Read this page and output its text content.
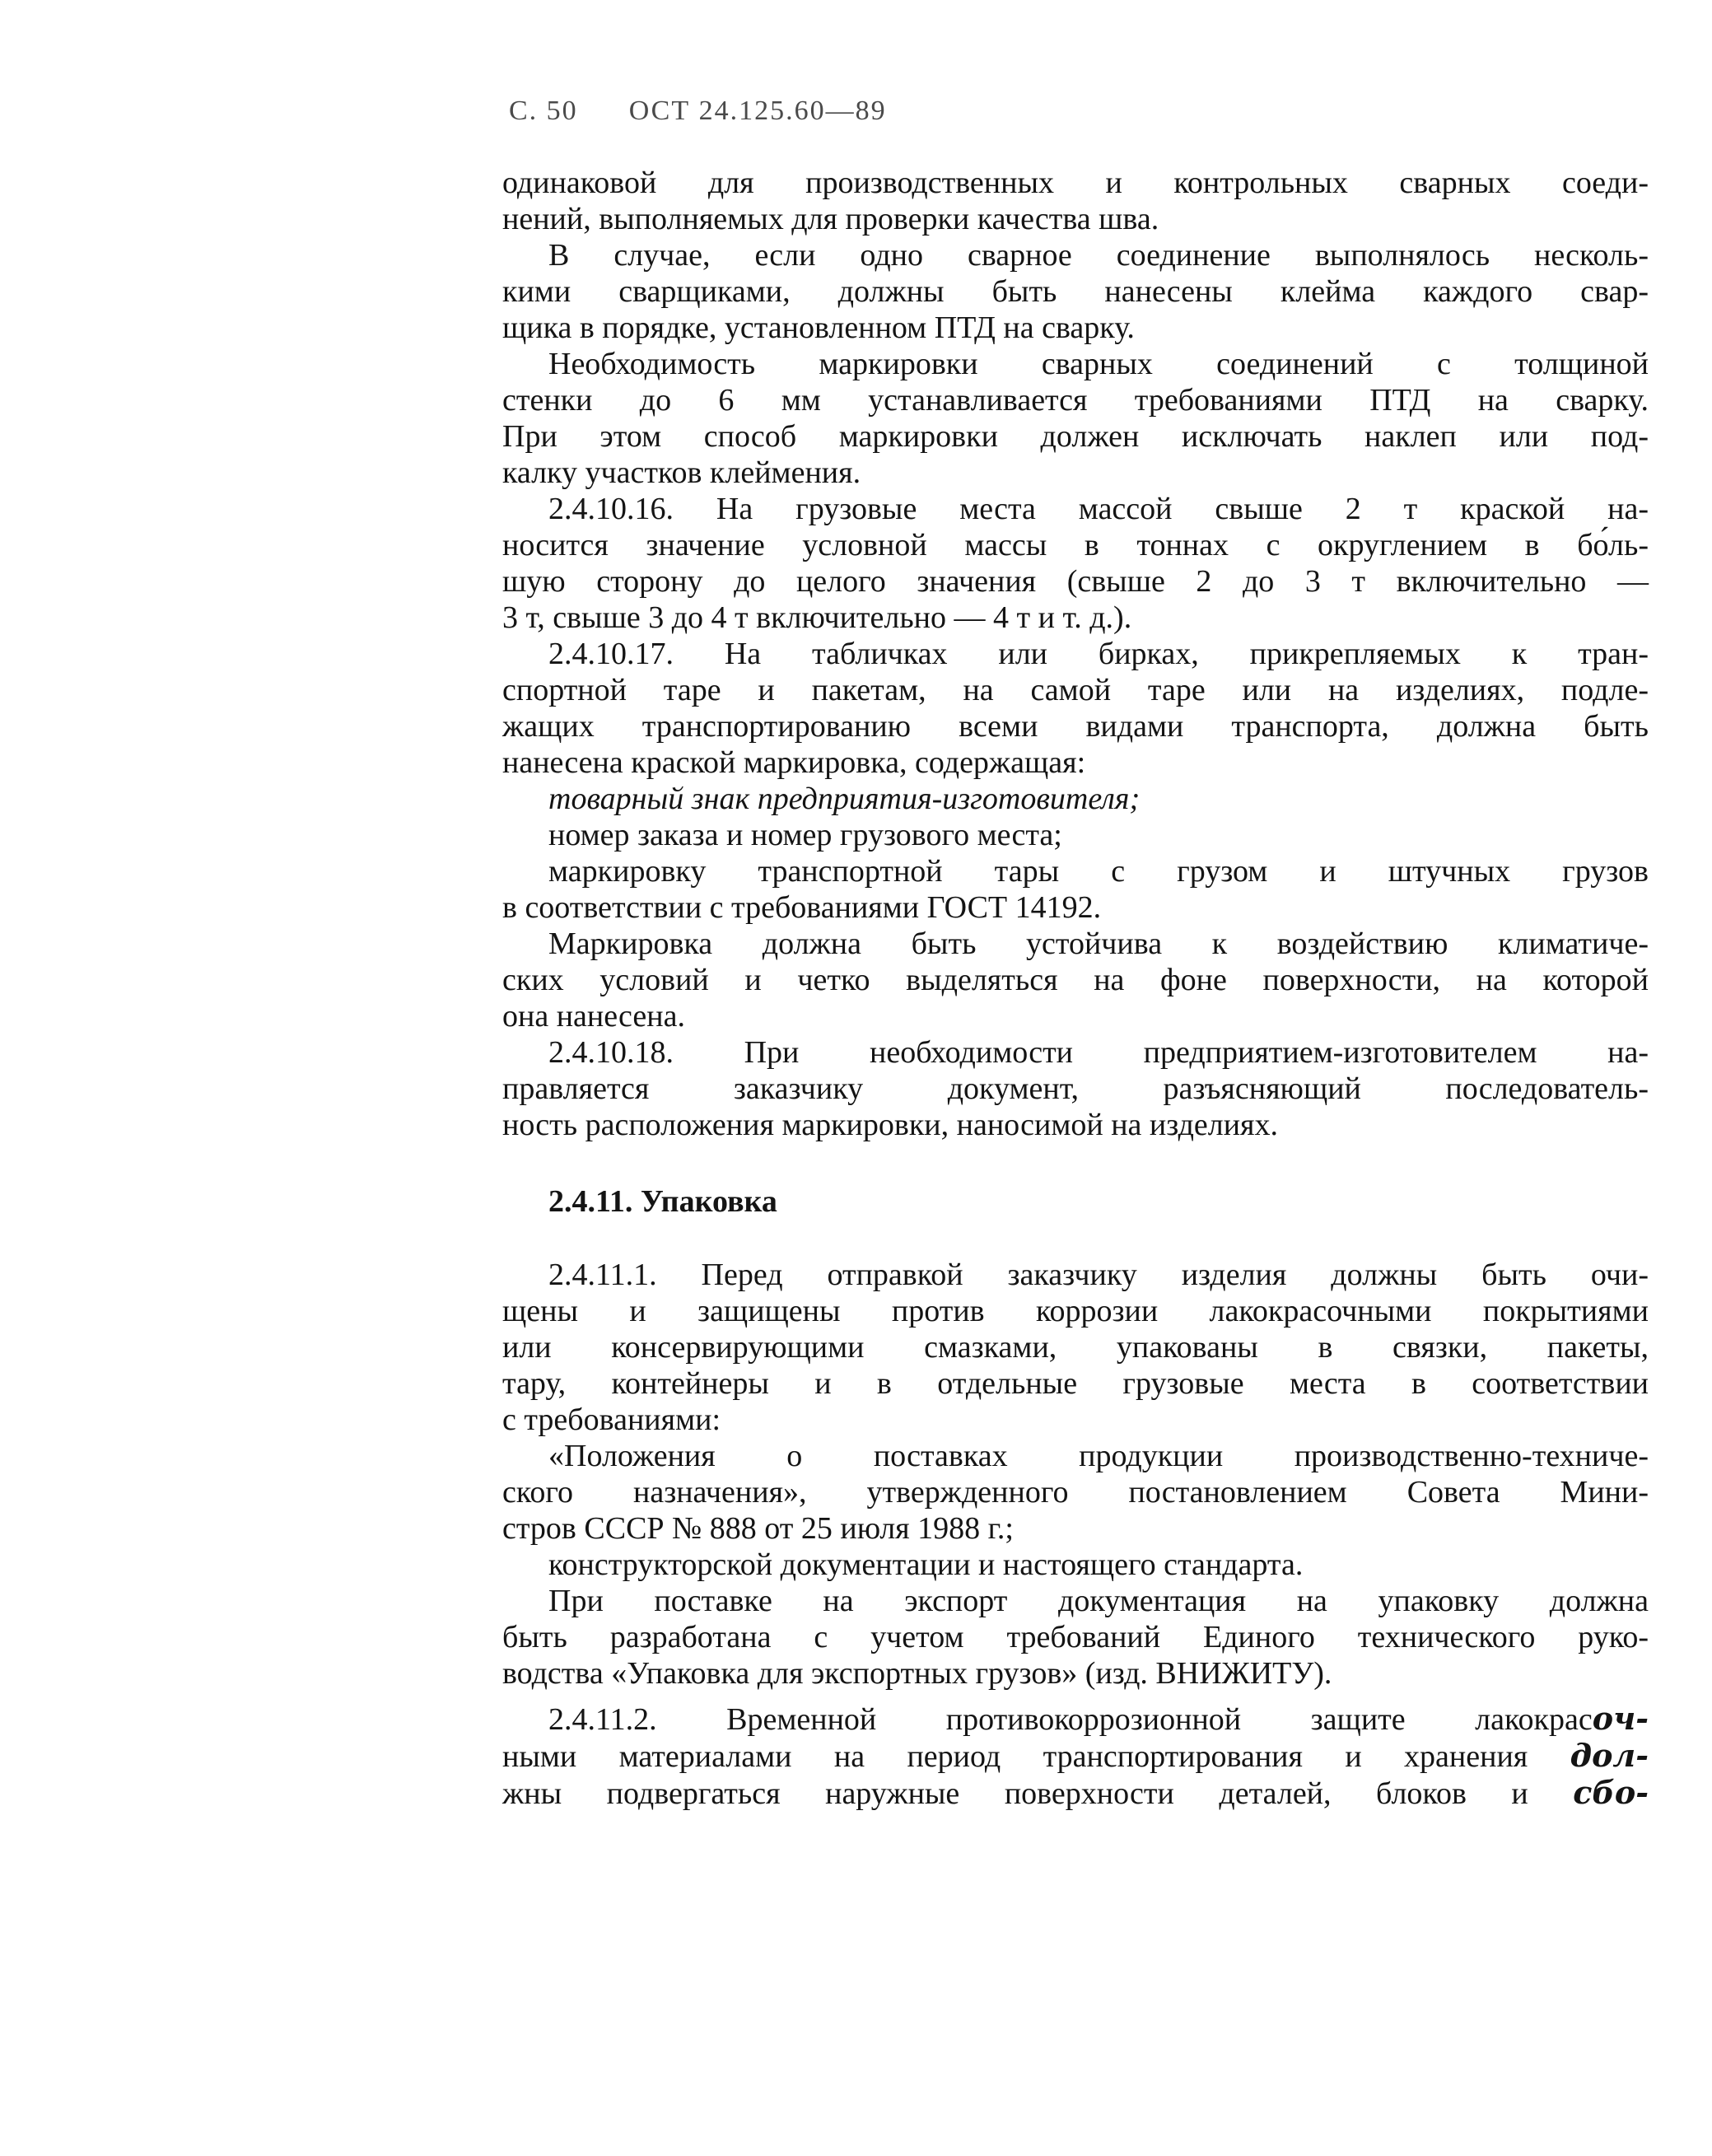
С. 50 ОСТ 24.125.60—89
одинаковой для производственных и контрольных сварных соеди-
нений, выполняемых для проверки качества шва.
В случае, если одно сварное соединение выполнялось несколь-
кими сварщиками, должны быть нанесены клейма каждого свар-
щика в порядке, установленном ПТД на сварку.
Необходимость маркировки сварных соединений с толщиной
стенки до 6 мм устанавливается требованиями ПТД на сварку.
При этом способ маркировки должен исключать наклеп или под-
калку участков клеймения.
2.4.10.16. На грузовые места массой свыше 2 т краской на-
носится значение условной массы в тоннах с округлением в бо́ль-
шую сторону до целого значения (свыше 2 до 3 т включительно —
3 т, свыше 3 до 4 т включительно — 4 т и т. д.).
2.4.10.17. На табличках или бирках, прикрепляемых к тран-
спортной таре и пакетам, на самой таре или на изделиях, подле-
жащих транспортированию всеми видами транспорта, должна быть
нанесена краской маркировка, содержащая:
товарный знак предприятия-изготовителя;
номер заказа и номер грузового места;
маркировку транспортной тары с грузом и штучных грузов
в соответствии с требованиями ГОСТ 14192.
Маркировка должна быть устойчива к воздействию климатиче-
ских условий и четко выделяться на фоне поверхности, на которой
она нанесена.
2.4.10.18. При необходимости предприятием-изготовителем на-
правляется заказчику документ, разъясняющий последователь-
ность расположения маркировки, наносимой на изделиях.
2.4.11. Упаковка
2.4.11.1. Перед отправкой заказчику изделия должны быть очи-
щены и защищены против коррозии лакокрасочными покрытиями
или консервирующими смазками, упакованы в связки, пакеты,
тару, контейнеры и в отдельные грузовые места в соответствии
с требованиями:
«Положения о поставках продукции производственно-техниче-
ского назначения», утвержденного постановлением Совета Мини-
стров СССР № 888 от 25 июля 1988 г.;
конструкторской документации и настоящего стандарта.
При поставке на экспорт документация на упаковку должна
быть разработана с учетом требований Единого технического руко-
водства «Упаковка для экспортных грузов» (изд. ВНИЖИТУ).
2.4.11.2. Временной противокоррозионной защите лакокрасоч-
ными материалами на период транспортирования и хранения дол-
жны подвергаться наружные поверхности деталей, блоков и сбо-
